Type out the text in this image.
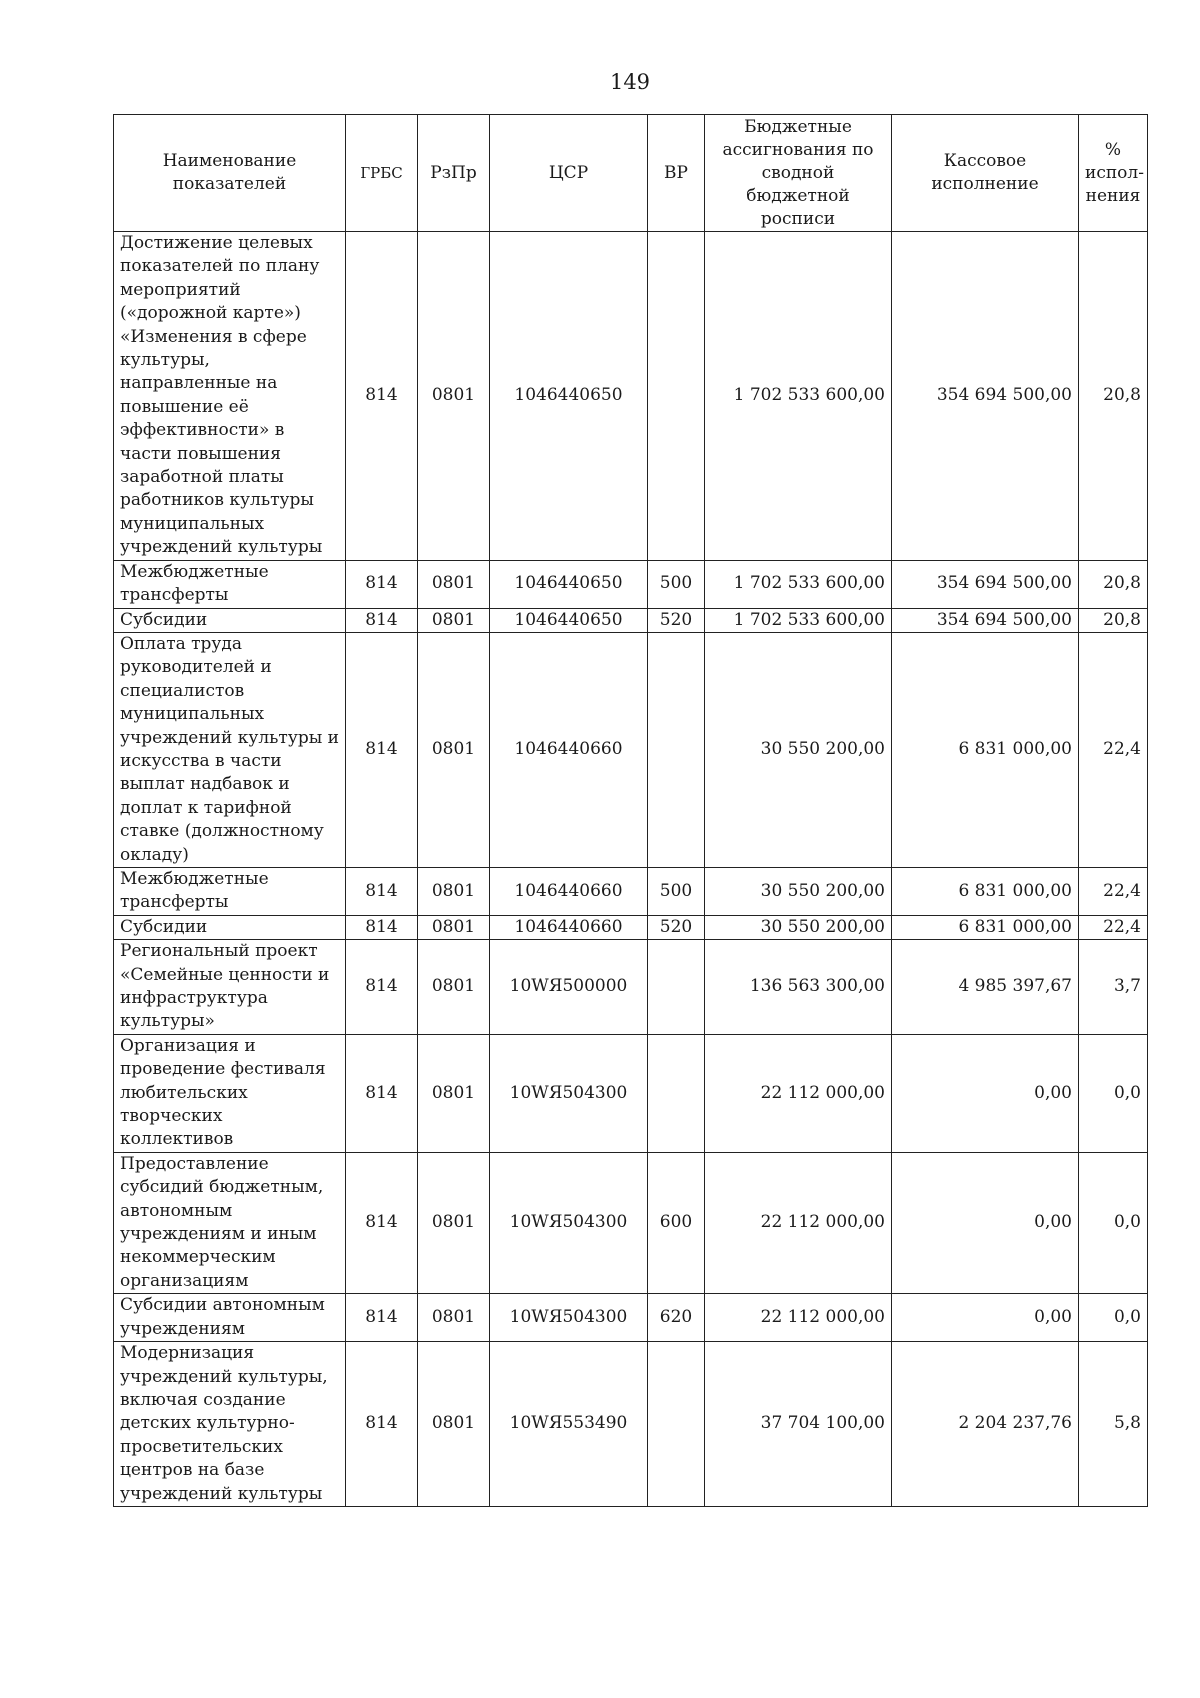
149
Наименование показателей	ГРБС	РзПр	ЦСР	ВР	Бюджетные ассигнования по сводной бюджетной росписи	Кассовое исполнение	% испол-нения
Достижение целевых показателей по плану мероприятий («дорожной карте») «Изменения в сфере культуры, направленные на повышение её эффективности» в части повышения заработной платы работников культуры муниципальных учреждений культуры	814	0801	1046440650		1 702 533 600,00	354 694 500,00	20,8
Межбюджетные трансферты	814	0801	1046440650	500	1 702 533 600,00	354 694 500,00	20,8
Субсидии	814	0801	1046440650	520	1 702 533 600,00	354 694 500,00	20,8
Оплата труда руководителей и специалистов муниципальных учреждений культуры и искусства в части выплат надбавок и доплат к тарифной ставке (должностному окладу)	814	0801	1046440660		30 550 200,00	6 831 000,00	22,4
Межбюджетные трансферты	814	0801	1046440660	500	30 550 200,00	6 831 000,00	22,4
Субсидии	814	0801	1046440660	520	30 550 200,00	6 831 000,00	22,4
Региональный проект «Семейные ценности и инфраструктура культуры»	814	0801	10WЯ500000		136 563 300,00	4 985 397,67	3,7
Организация и проведение фестиваля любительских творческих коллективов	814	0801	10WЯ504300		22 112 000,00	0,00	0,0
Предоставление субсидий бюджетным, автономным учреждениям и иным некоммерческим организациям	814	0801	10WЯ504300	600	22 112 000,00	0,00	0,0
Субсидии автономным учреждениям	814	0801	10WЯ504300	620	22 112 000,00	0,00	0,0
Модернизация учреждений культуры, включая создание детских культурно-просветительских центров на базе учреждений культуры	814	0801	10WЯ553490		37 704 100,00	2 204 237,76	5,8
